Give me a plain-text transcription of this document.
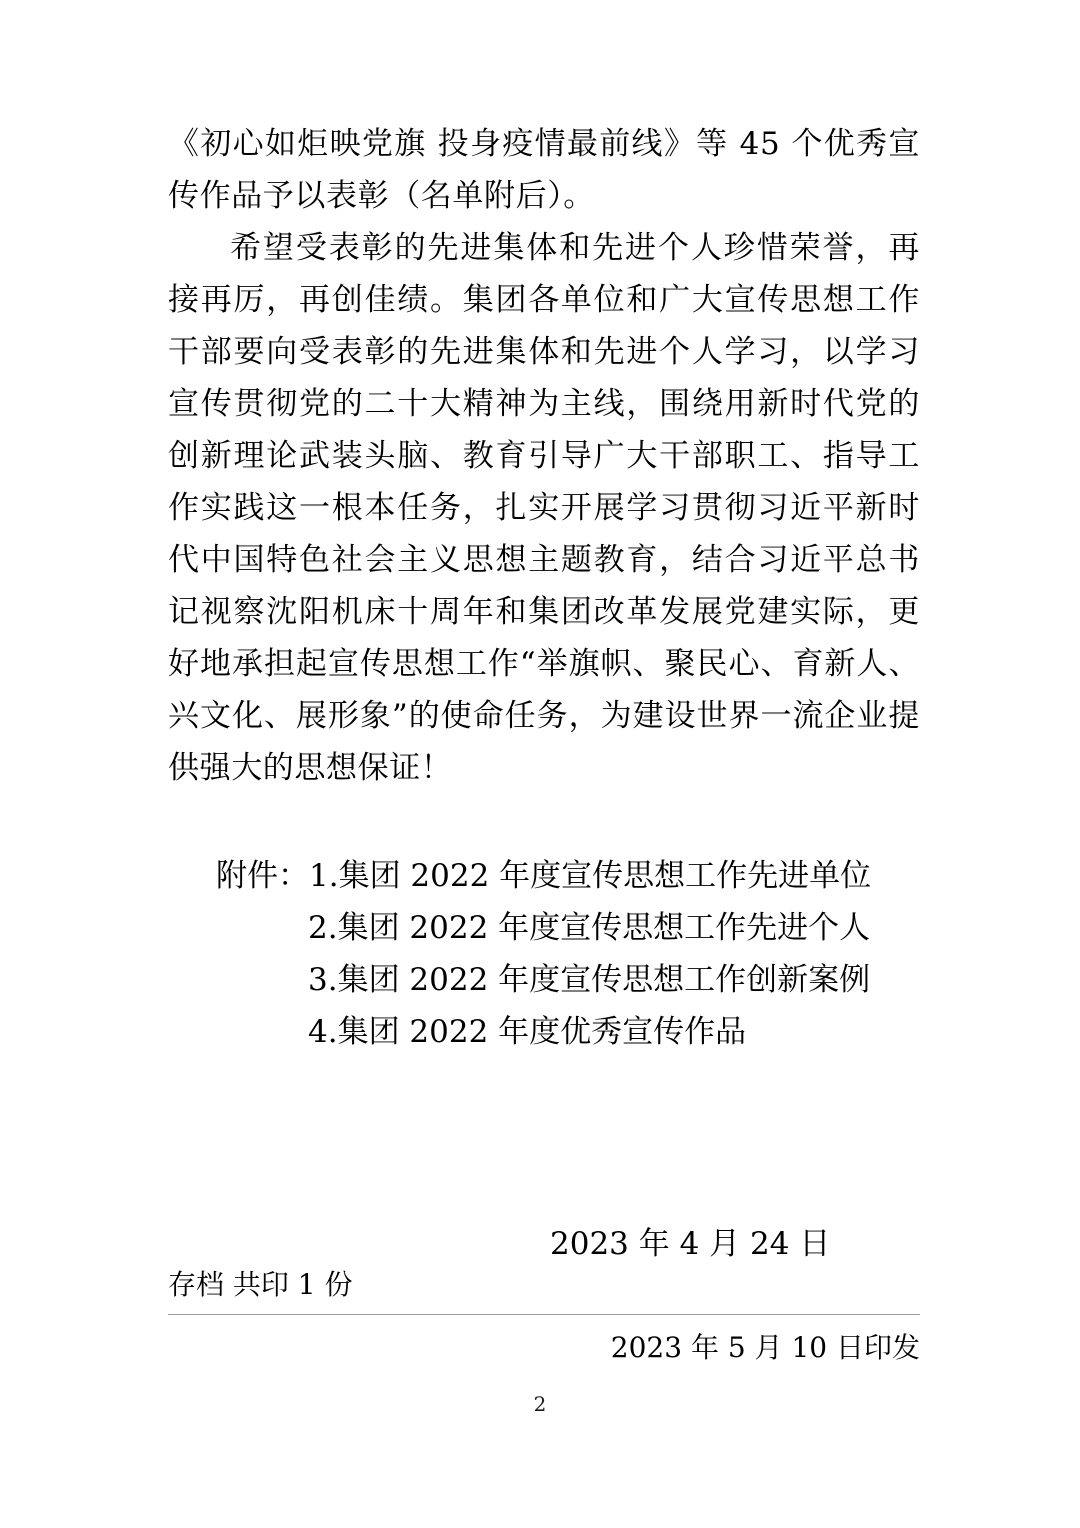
《初心如炬映党旗 投身疫情最前线》等 45 个优秀宣传作品予以表彰（名单附后）。

希望受表彰的先进集体和先进个人珍惜荣誉，再接再厉，再创佳绩。集团各单位和广大宣传思想工作干部要向受表彰的先进集体和先进个人学习，以学习宣传贯彻党的二十大精神为主线，围绕用新时代党的创新理论武装头脑、教育引导广大干部职工、指导工作实践这一根本任务，扎实开展学习贯彻习近平新时代中国特色社会主义思想主题教育，结合习近平总书记视察沈阳机床十周年和集团改革发展党建实际，更好地承担起宣传思想工作“举旗帜、聚民心、育新人、兴文化、展形象”的使命任务，为建设世界一流企业提供强大的思想保证！

附件：1.集团 2022 年度宣传思想工作先进单位
2.集团 2022 年度宣传思想工作先进个人
3.集团 2022 年度宣传思想工作创新案例
4.集团 2022 年度优秀宣传作品
2023 年 4 月 24 日
存档 共印 1 份
2023 年 5 月 10 日印发
2
